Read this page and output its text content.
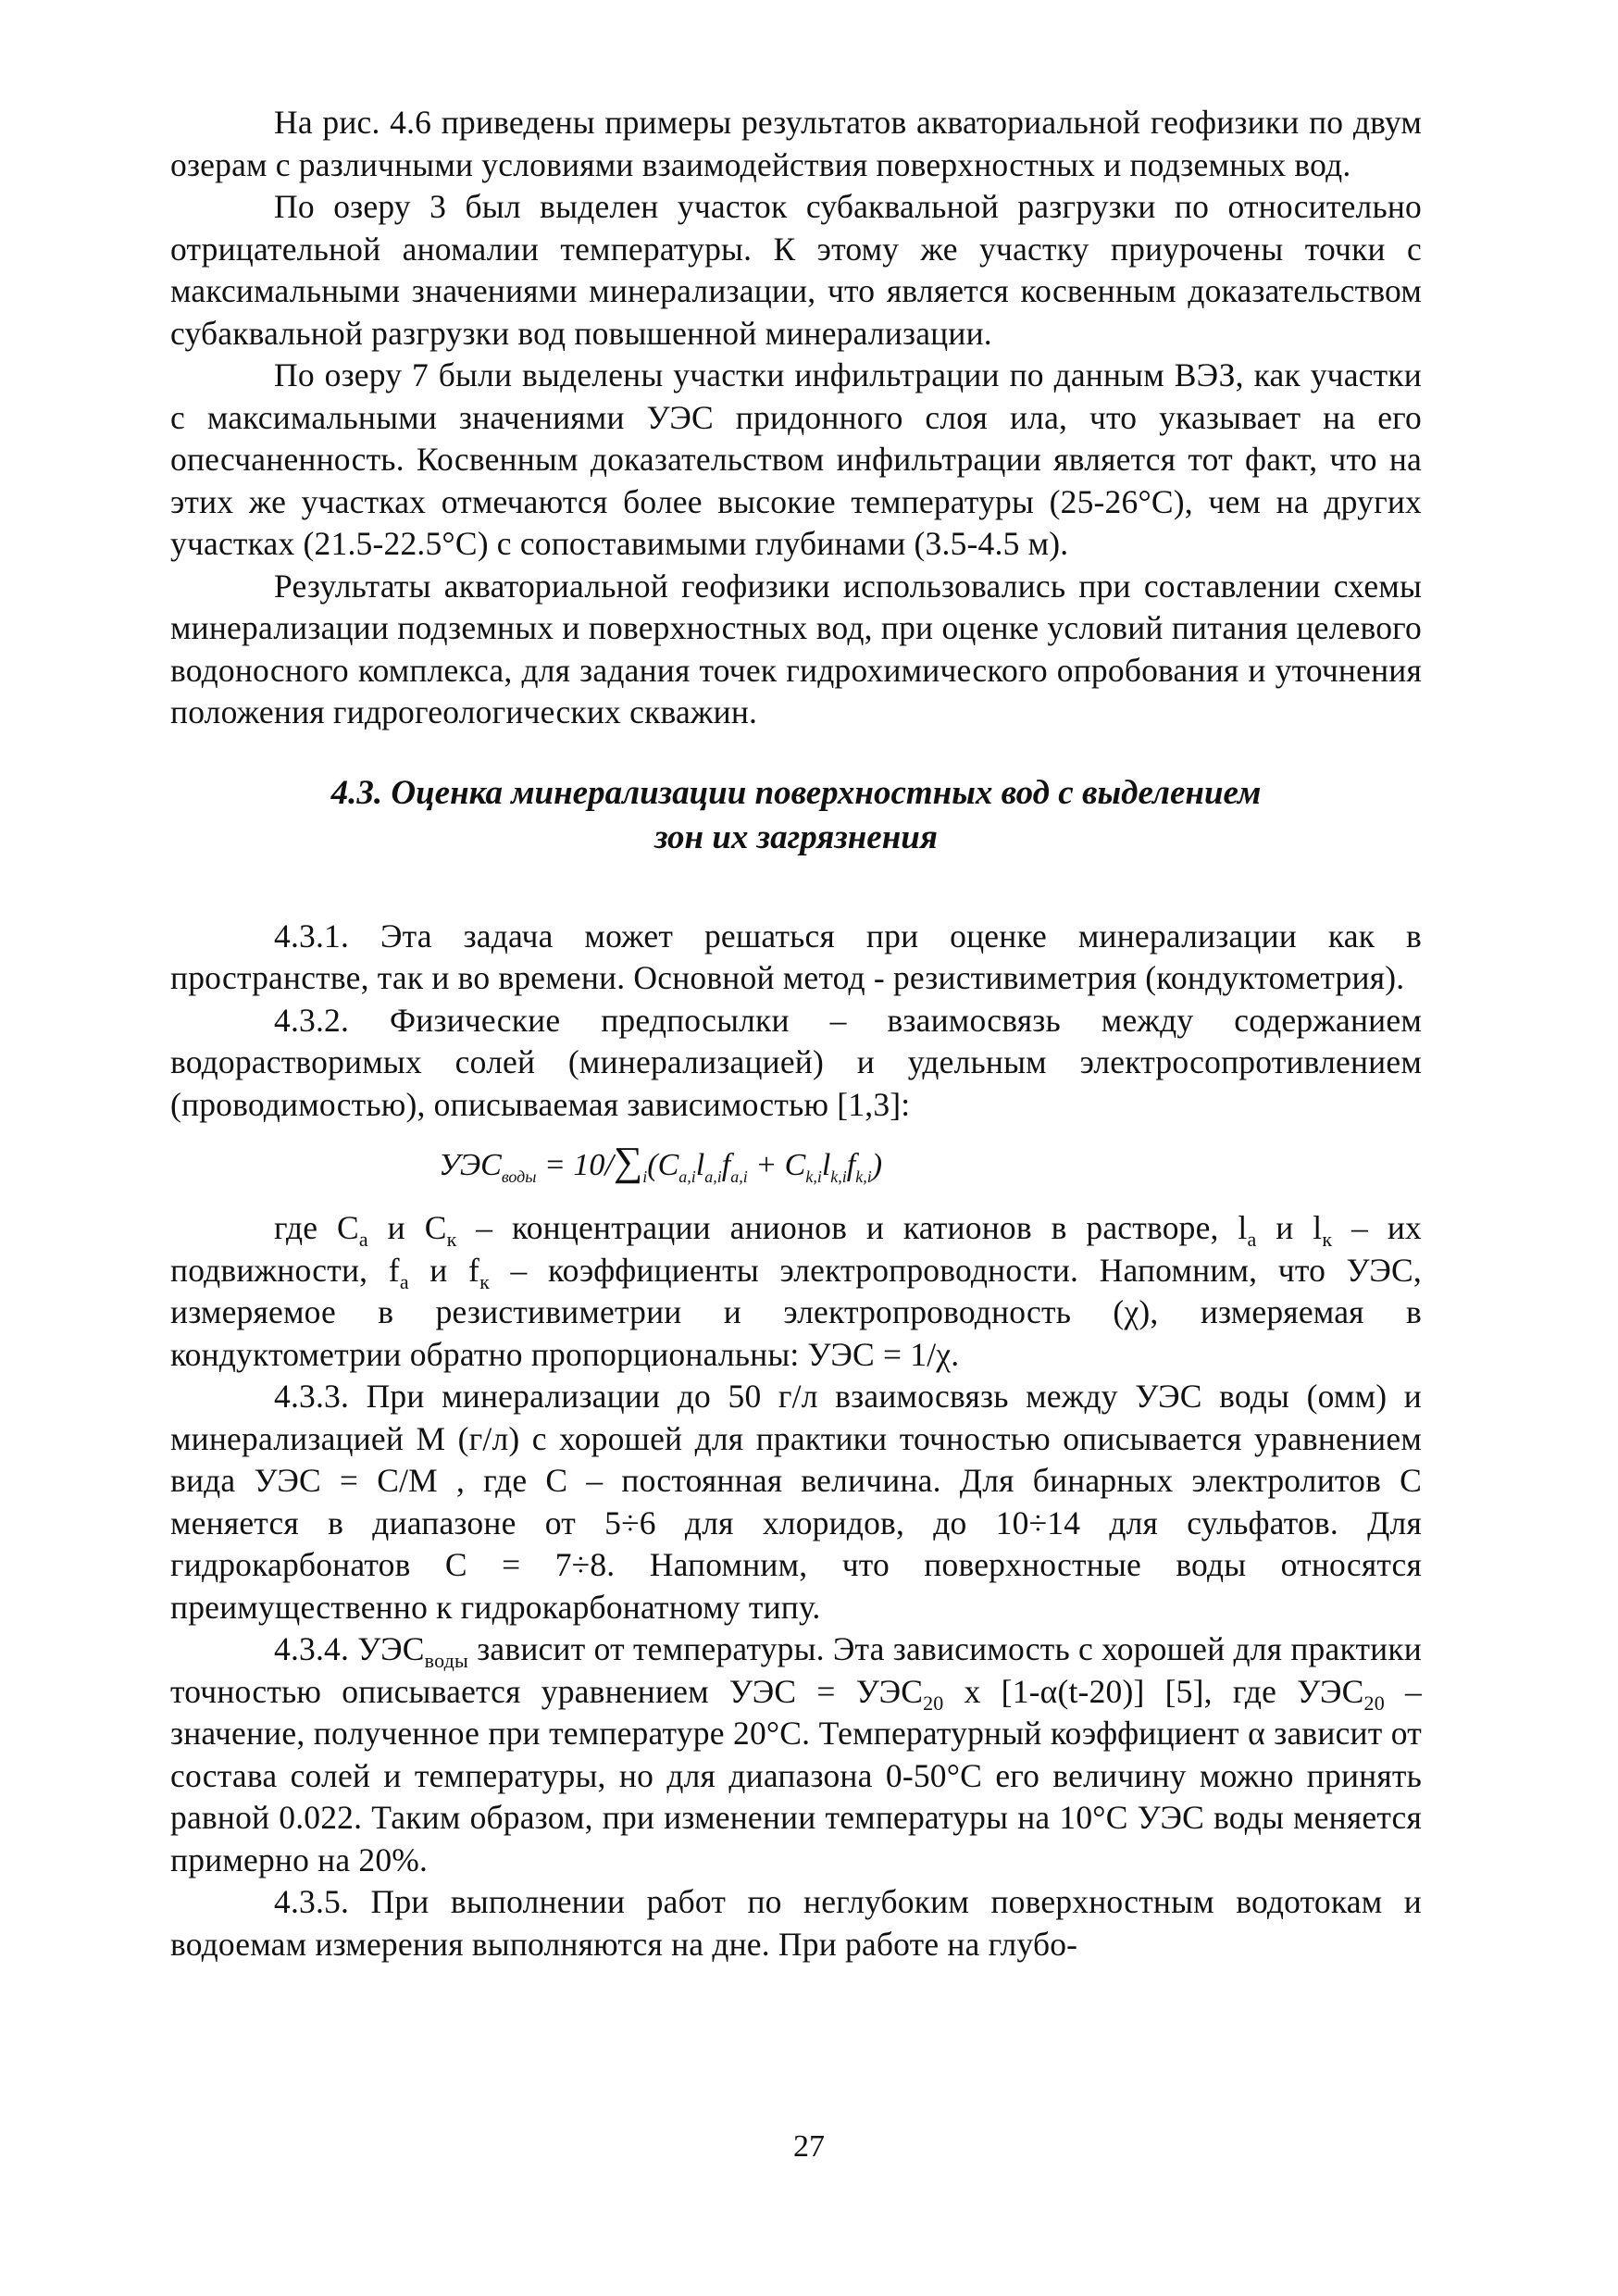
На рис. 4.6 приведены примеры результатов акваториальной геофизики по двум озерам с различными условиями взаимодействия поверхностных и подземных вод.

По озеру 3 был выделен участок субаквальной разгрузки по относительно отрицательной аномалии температуры. К этому же участку приурочены точки с максимальными значениями минерализации, что является косвенным доказательством субаквальной разгрузки вод повышенной минерализации.

По озеру 7 были выделены участки инфильтрации по данным ВЭЗ, как участки с максимальными значениями УЭС придонного слоя ила, что указывает на его опесчаненность. Косвенным доказательством инфильтрации является тот факт, что на этих же участках отмечаются более высокие температуры (25-26°С), чем на других участках (21.5-22.5°С) с сопоставимыми глубинами (3.5-4.5 м).

Результаты акваториальной геофизики использовались при составлении схемы минерализации подземных и поверхностных вод, при оценке условий питания целевого водоносного комплекса, для задания точек гидрохимического опробования и уточнения положения гидрогеологических скважин.

4.3. Оценка минерализации поверхностных вод с выделением
зон их загрязнения

4.3.1. Эта задача может решаться при оценке минерализации как в пространстве, так и во времени. Основной метод - резистивиметрия (кондуктометрия).

4.3.2. Физические предпосылки – взаимосвязь между содержанием водорастворимых солей (минерализацией) и удельным электросопротивлением (проводимостью), описываемая зависимостью [1,3]:

$УЭС_{воды} = 10/\sum_i(C_{a,i}l_{a,i}f_{a,i} + C_{k,i}l_{k,i}f_{k,i})$

где $С_а$ и $С_к$ – концентрации анионов и катионов в растворе, $l_а$ и $l_к$ – их подвижности, $f_а$ и $f_к$ – коэффициенты электропроводности. Напомним, что УЭС, измеряемое в резистивиметрии и электропроводность (χ), измеряемая в кондуктометрии обратно пропорциональны: УЭС = 1/χ.

4.3.3. При минерализации до 50 г/л взаимосвязь между УЭС воды (омм) и минерализацией М (г/л) с хорошей для практики точностью описывается уравнением вида УЭС = С/М , где С – постоянная величина. Для бинарных электролитов С меняется в диапазоне от 5÷6 для хлоридов, до 10÷14 для сульфатов. Для гидрокарбонатов С = 7÷8. Напомним, что поверхностные воды относятся преимущественно к гидрокарбонатному типу.

4.3.4. $УЭС_{воды}$ зависит от температуры. Эта зависимость с хорошей для практики точностью описывается уравнением УЭС = $УЭС_{20}$ х [1-α(t-20)] [5], где $УЭС_{20}$ – значение, полученное при температуре 20°С. Температурный коэффициент α зависит от состава солей и температуры, но для диапазона 0-50°С его величину можно принять равной 0.022. Таким образом, при изменении температуры на 10°С УЭС воды меняется примерно на 20%.

4.3.5. При выполнении работ по неглубоким поверхностным водотокам и водоемам измерения выполняются на дне. При работе на глубо-

27
